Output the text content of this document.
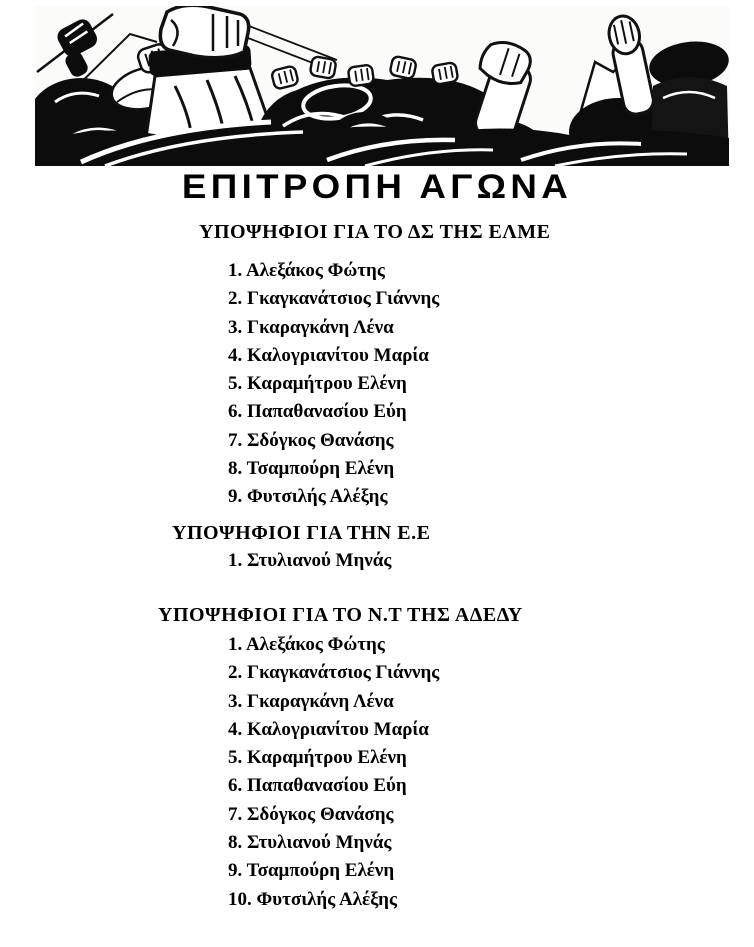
ΕΠΙΤΡΟΠΗ ΑΓΩΝΑ
ΥΠΟΨΗΦΙΟΙ ΓΙΑ ΤΟ ΔΣ ΤΗΣ ΕΛΜΕ
1. Αλεξάκος Φώτης
2. Γκαγκανάτσιος Γιάννης
3. Γκαραγκάνη Λένα
4. Καλογριανίτου Μαρία
5. Καραμήτρου Ελένη
6. Παπαθανασίου Εύη
7. Σδόγκος Θανάσης
8. Τσαμπούρη Ελένη
9. Φυτσιλής Αλέξης
ΥΠΟΨΗΦΙΟΙ ΓΙΑ ΤΗΝ Ε.Ε
1. Στυλιανού Μηνάς
ΥΠΟΨΗΦΙΟΙ ΓΙΑ ΤΟ Ν.Τ ΤΗΣ ΑΔΕΔΥ
1. Αλεξάκος Φώτης
2. Γκαγκανάτσιος Γιάννης
3. Γκαραγκάνη Λένα
4. Καλογριανίτου Μαρία
5. Καραμήτρου Ελένη
6. Παπαθανασίου Εύη
7. Σδόγκος Θανάσης
8. Στυλιανού Μηνάς
9. Τσαμπούρη Ελένη
10. Φυτσιλής Αλέξης
